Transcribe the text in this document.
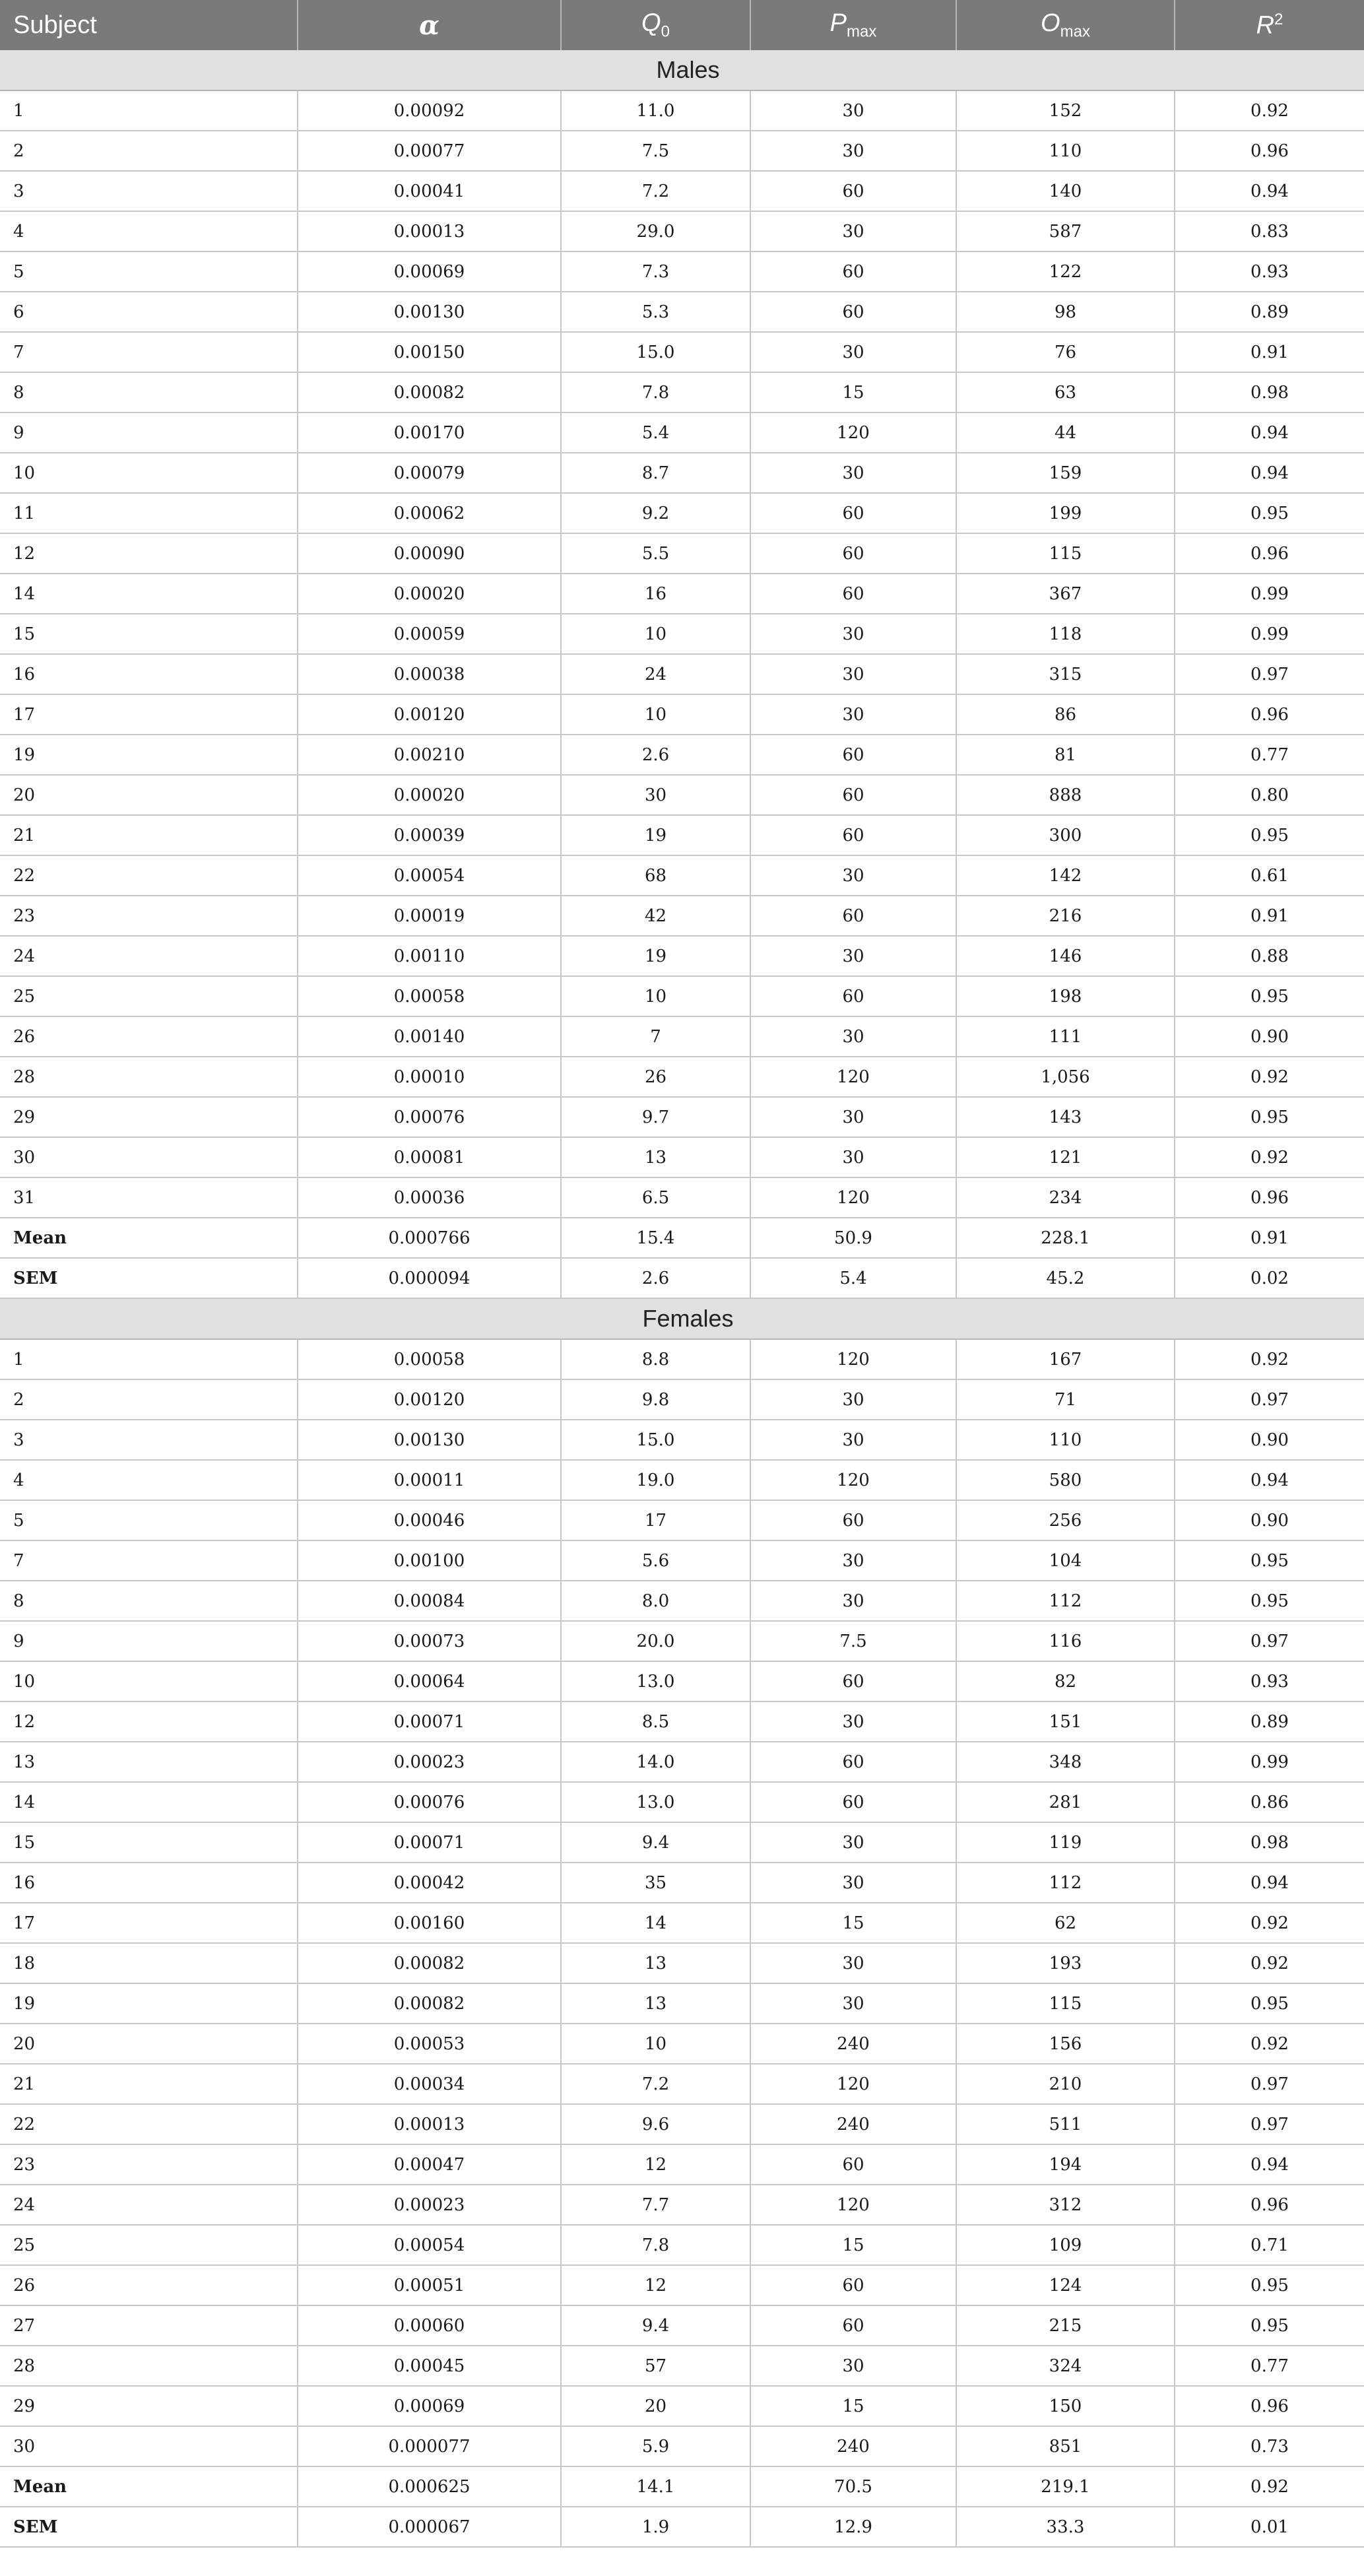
Subject	α	$Q_0$	$P_{max}$	$O_{max}$	$R^2$
Males					
1	0.00092	11.0	30	152	0.92
2	0.00077	7.5	30	110	0.96
3	0.00041	7.2	60	140	0.94
4	0.00013	29.0	30	587	0.83
5	0.00069	7.3	60	122	0.93
6	0.00130	5.3	60	98	0.89
7	0.00150	15.0	30	76	0.91
8	0.00082	7.8	15	63	0.98
9	0.00170	5.4	120	44	0.94
10	0.00079	8.7	30	159	0.94
11	0.00062	9.2	60	199	0.95
12	0.00090	5.5	60	115	0.96
14	0.00020	16	60	367	0.99
15	0.00059	10	30	118	0.99
16	0.00038	24	30	315	0.97
17	0.00120	10	30	86	0.96
19	0.00210	2.6	60	81	0.77
20	0.00020	30	60	888	0.80
21	0.00039	19	60	300	0.95
22	0.00054	68	30	142	0.61
23	0.00019	42	60	216	0.91
24	0.00110	19	30	146	0.88
25	0.00058	10	60	198	0.95
26	0.00140	7	30	111	0.90
28	0.00010	26	120	1,056	0.92
29	0.00076	9.7	30	143	0.95
30	0.00081	13	30	121	0.92
31	0.00036	6.5	120	234	0.96
Mean	0.000766	15.4	50.9	228.1	0.91
SEM	0.000094	2.6	5.4	45.2	0.02
Females					
1	0.00058	8.8	120	167	0.92
2	0.00120	9.8	30	71	0.97
3	0.00130	15.0	30	110	0.90
4	0.00011	19.0	120	580	0.94
5	0.00046	17	60	256	0.90
7	0.00100	5.6	30	104	0.95
8	0.00084	8.0	30	112	0.95
9	0.00073	20.0	7.5	116	0.97
10	0.00064	13.0	60	82	0.93
12	0.00071	8.5	30	151	0.89
13	0.00023	14.0	60	348	0.99
14	0.00076	13.0	60	281	0.86
15	0.00071	9.4	30	119	0.98
16	0.00042	35	30	112	0.94
17	0.00160	14	15	62	0.92
18	0.00082	13	30	193	0.92
19	0.00082	13	30	115	0.95
20	0.00053	10	240	156	0.92
21	0.00034	7.2	120	210	0.97
22	0.00013	9.6	240	511	0.97
23	0.00047	12	60	194	0.94
24	0.00023	7.7	120	312	0.96
25	0.00054	7.8	15	109	0.71
26	0.00051	12	60	124	0.95
27	0.00060	9.4	60	215	0.95
28	0.00045	57	30	324	0.77
29	0.00069	20	15	150	0.96
30	0.000077	5.9	240	851	0.73
Mean	0.000625	14.1	70.5	219.1	0.92
SEM	0.000067	1.9	12.9	33.3	0.01
